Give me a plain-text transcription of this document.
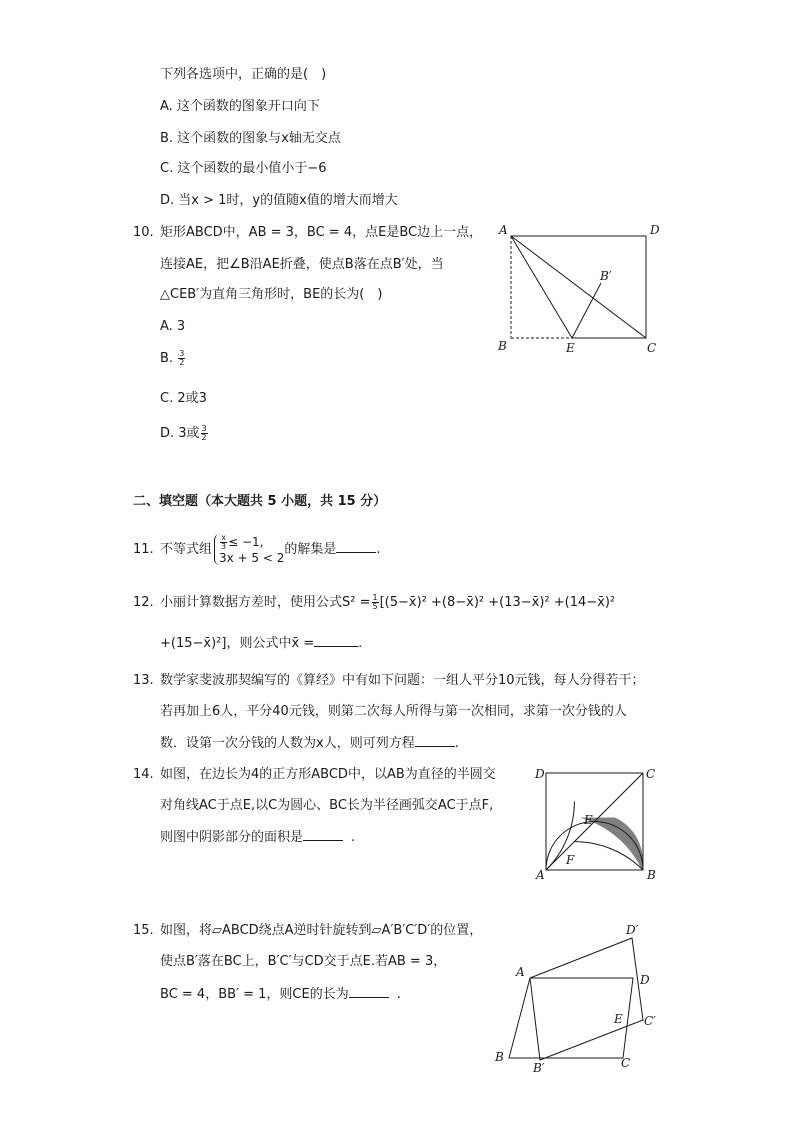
下列各选项中，正确的是(　)
A. 这个函数的图象开口向下
B. 这个函数的图象与x轴无交点
C. 这个函数的最小值小于−6
D. 当x > 1时，y的值随x值的增大而增大
10. 矩形ABCD中，AB = 3，BC = 4，点E是BC边上一点，
连接AE，把∠B沿AE折叠，使点B落在点B′处，当
△CEB′为直角三角形时，BE的长为(　)
A. 3
B. $\frac{3}{2}$
C. 2或3
D. 3或 $\frac{3}{2}$
A	D
B	E	C
B′
二、填空题（本大题共 5 小题，共 15 分）
11. 不等式组 $\frac{x}{3} \le -1$,
3x + 5 < 2
的解集是	.
12. 小丽计算数据方差时，使用公式$S^2 = \frac{1}{5}$ [(5−x̄)² +(8−x̄)² +(13−x̄)² +(14−x̄)²
+(15−x̄)²]，则公式中x̄ =	.
13. 数学家斐波那契编写的《算经》中有如下问题：一组人平分10元钱，每人分得若干；
若再加上6人，平分40元钱，则第二次每人所得与第一次相同，求第一次分钱的人
数．设第一次分钱的人数为x人，则可列方程	.
14. 如图，在边长为4的正方形ABCD中，以AB为直径的半圆交
对角线AC于点E,以C为圆心、BC长为半径画弧交AC于点F,
则图中阴影部分的面积是	.
D	C
E
F
A	B
15. 如图，将▱ABCD绕点A逆时针旋转到▱A′B′C′D′的位置，
使点B′落在BC上，B′C′与CD交于点E.若AB = 3，
BC = 4，BB′ = 1，则CE的长为	.
D′
A
D
E C′
B	C
B′
